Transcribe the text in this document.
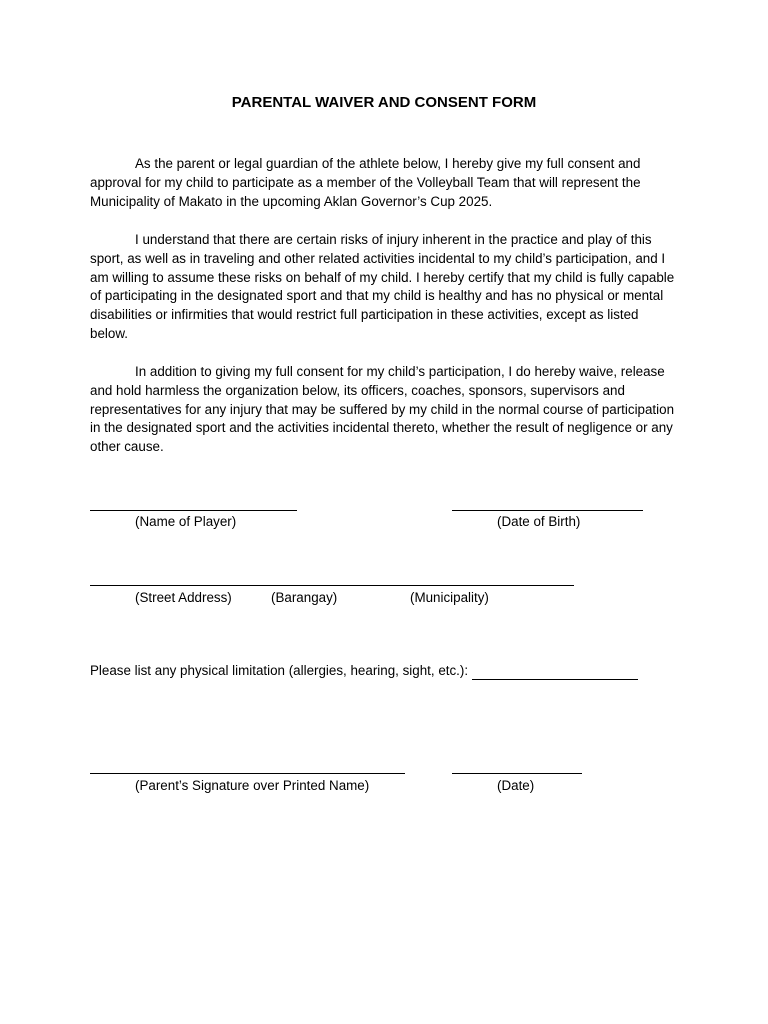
PARENTAL WAIVER AND CONSENT FORM

As the parent or legal guardian of the athlete below, I hereby give my full consent and approval for my child to participate as a member of the Volleyball Team that will represent the Municipality of Makato in the upcoming Aklan Governor’s Cup 2025.

I understand that there are certain risks of injury inherent in the practice and play of this sport, as well as in traveling and other related activities incidental to my child’s participation, and I am willing to assume these risks on behalf of my child. I hereby certify that my child is fully capable of participating in the designated sport and that my child is healthy and has no physical or mental disabilities or infirmities that would restrict full participation in these activities, except as listed below.

In addition to giving my full consent for my child’s participation, I do hereby waive, release and hold harmless the organization below, its officers, coaches, sponsors, supervisors and representatives for any injury that may be suffered by my child in the normal course of participation in the designated sport and the activities incidental thereto, whether the result of negligence or any other cause.

(Name of Player)	(Date of Birth)
(Street Address)	(Barangay)	(Municipality)
Please list any physical limitation (allergies, hearing, sight, etc.):
(Parent’s Signature over Printed Name)	(Date)
